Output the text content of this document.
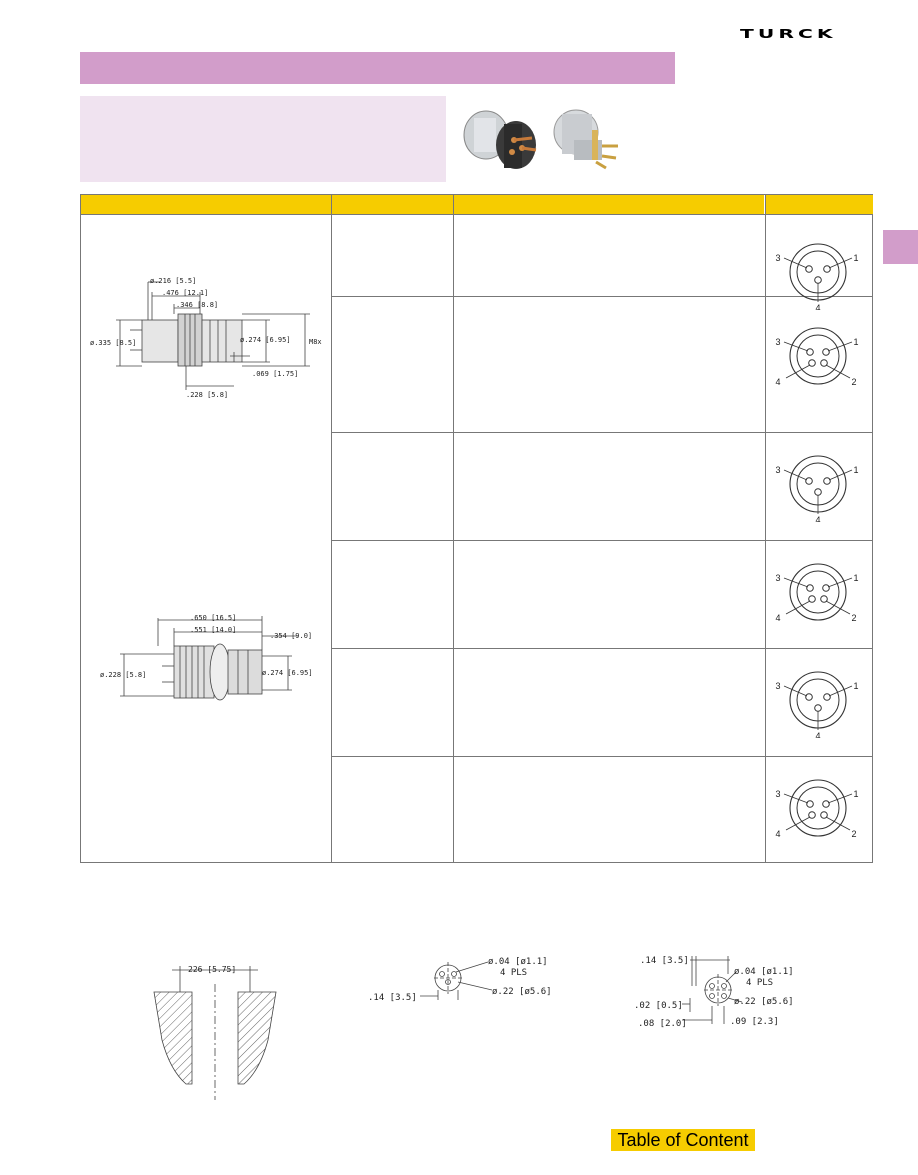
TURCK
ø.216 [5.5]
.476 [12.1]
.346 [8.8]
ø.335 [8.5]	ø.274 [6.95]	M8x
.069 [1.75]
.228 [5.8]
.650 [16.5]
.551 [14.0]
.354 [9.0]
ø.228 [5.8]	ø.274 [6.95]
226 [5.75]
ø.04 [ø1.1]
4 PLS
ø.22 [ø5.6]
.14 [3.5]
.14 [3.5]
ø.04 [ø1.1]
4 PLS
.02 [0.5]	ø.22 [ø5.6]
.08 [2.0]	.09 [2.3]
Table of Content
3	1
4
3	1
4	2
3	1
4
3	1
4	2
3	1
4
3	1
4	2
